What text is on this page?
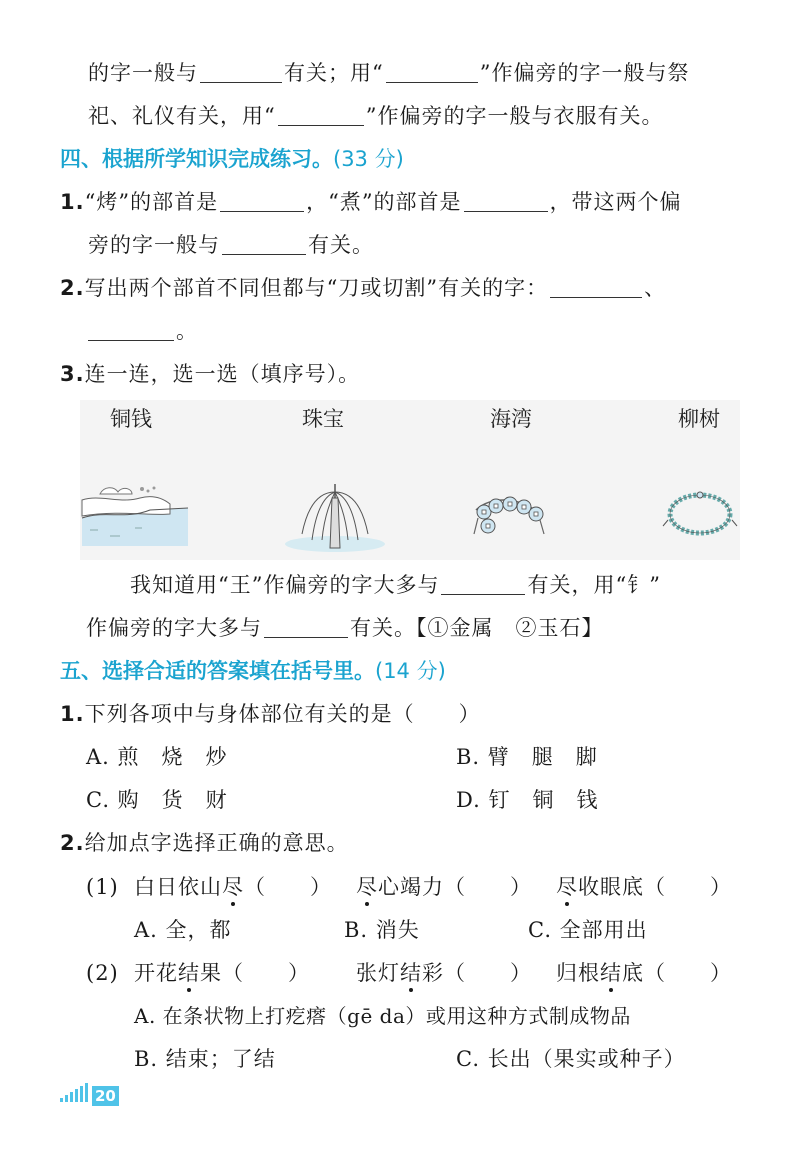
的字一般与	有关；用“	”作偏旁的字一般与祭
祀、礼仪有关，用“	”作偏旁的字一般与衣服有关。
四、根据所学知识完成练习。(33 分)
1.“烤”的部首是	，“煮”的部首是	，带这两个偏
旁的字一般与	有关。
2.写出两个部首不同但都与“刀或切割”有关的字：	、
。
3.连一连，选一选（填序号）。
铜钱	珠宝	海湾	柳树
我知道用“王”作偏旁的字大多与	有关，用“钅”
作偏旁的字大多与	有关。【①金属　②玉石】
五、选择合适的答案填在括号里。(14 分)
1.下列各项中与身体部位有关的是（　　）
A. 煎　烧　炒	B. 臂　腿　脚
C. 购　货　财	D. 钉　铜　钱
2.给加点字选择正确的意思。
(1) 白日依山尽（　　） 尽心竭力（　　） 尽收眼底（　　）
A. 全，都	B. 消失	C. 全部用出
(2) 开花结果（　　） 张灯结彩（　　） 归根结底（　　）
A. 在条状物上打疙瘩（gē da）或用这种方式制成物品
B. 结束；了结	C. 长出（果实或种子）
20
